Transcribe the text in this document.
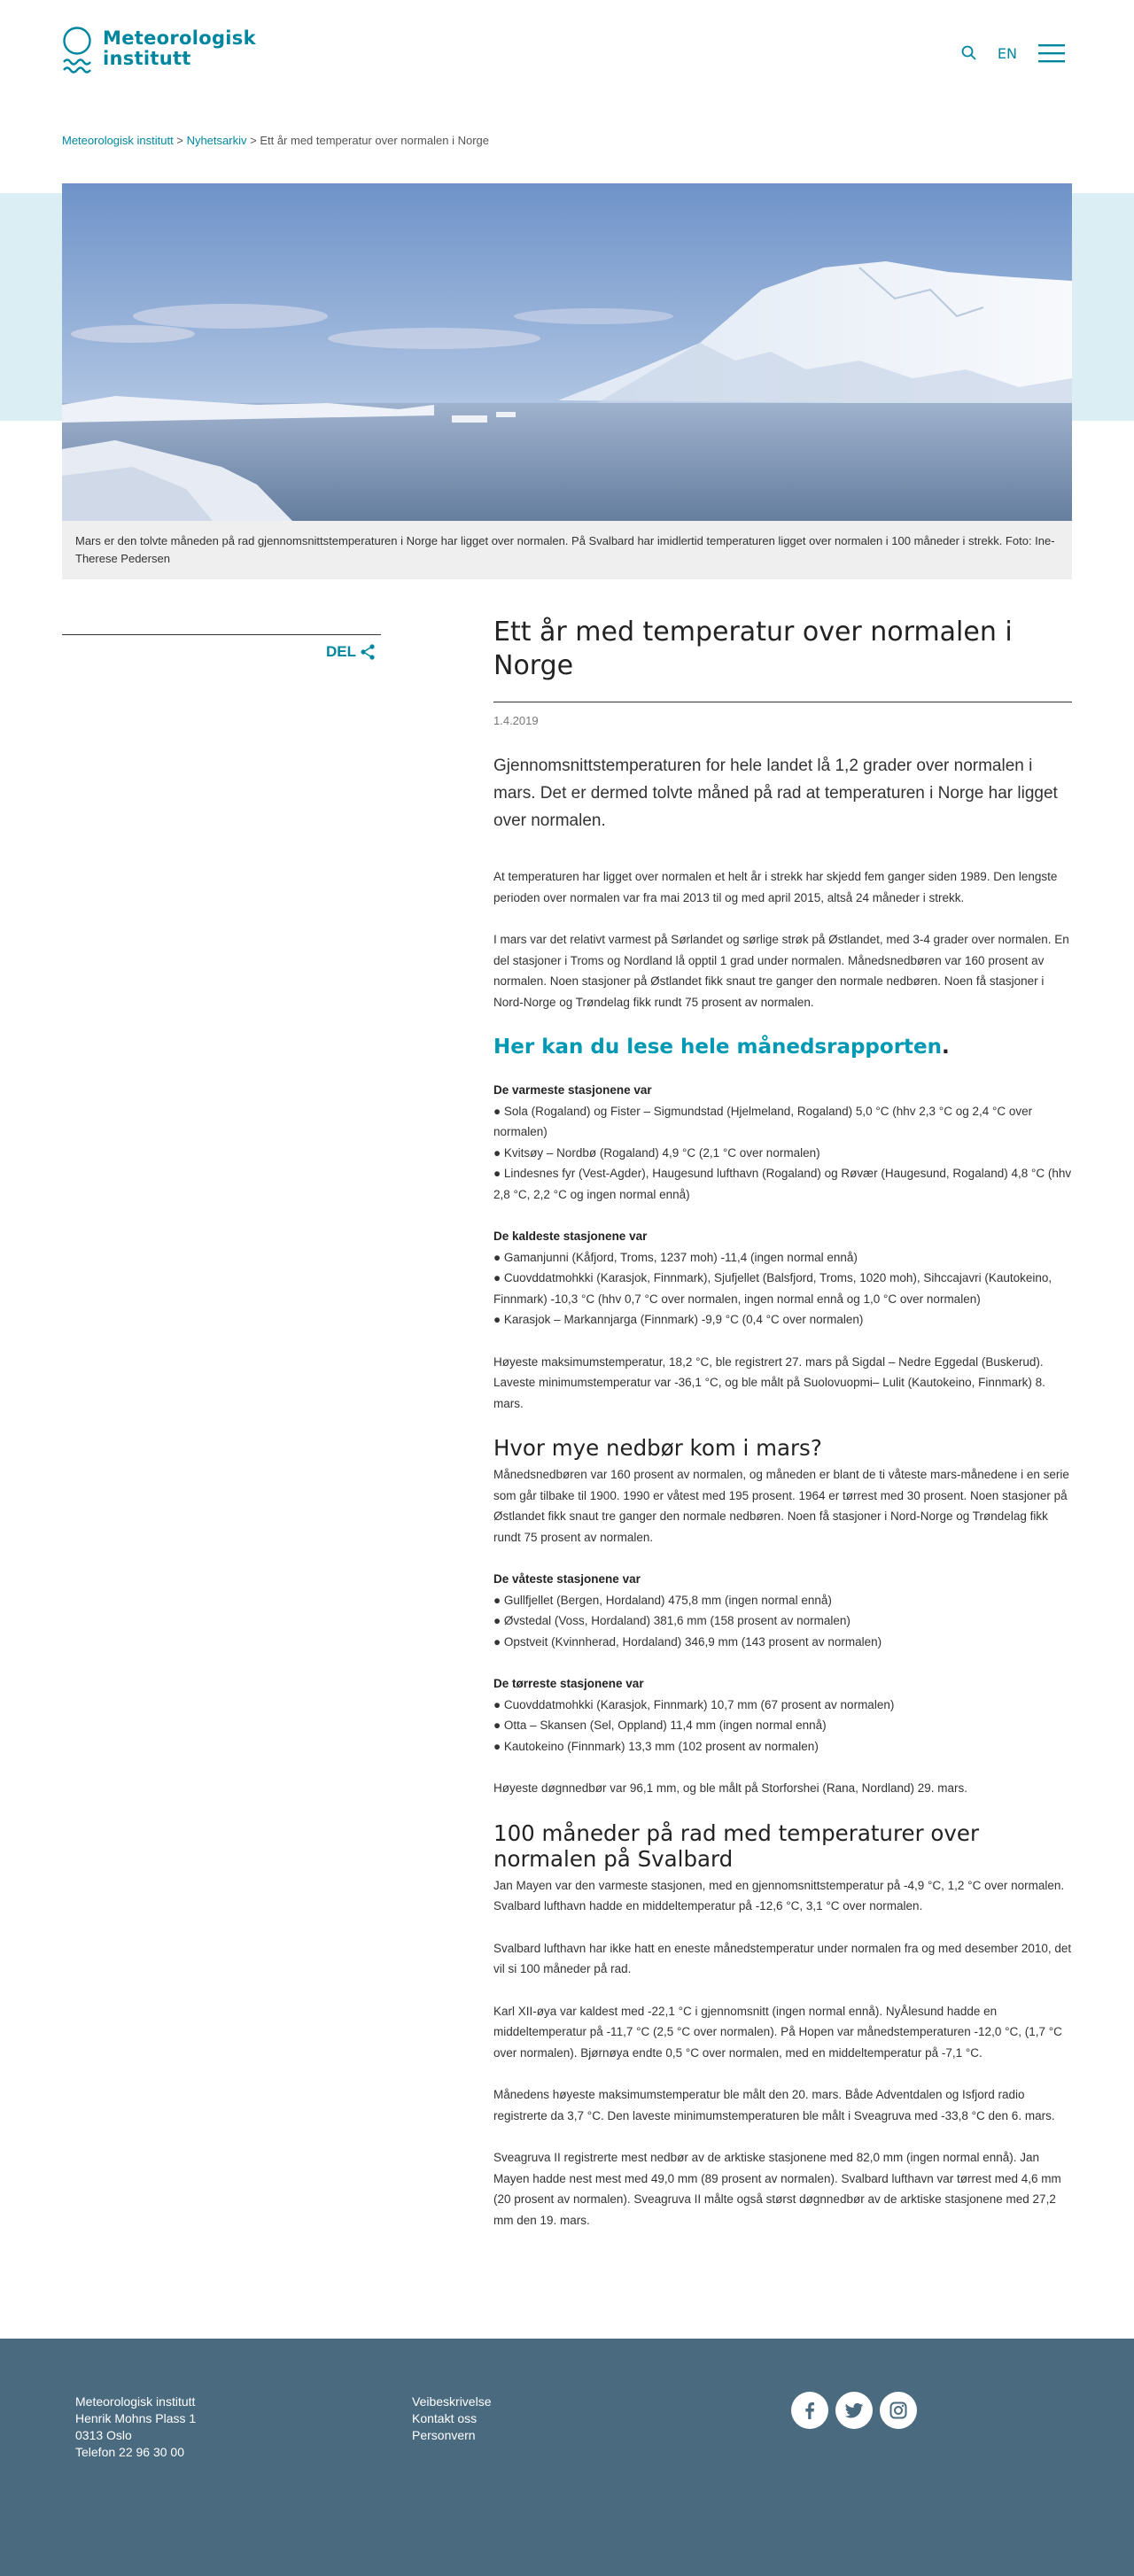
Meteorologisk
institutt	EN
Meteorologisk institutt > Nyhetsarkiv > Ett år med temperatur over normalen i Norge
Mars er den tolvte måneden på rad gjennomsnittstemperaturen i Norge har ligget over normalen. På Svalbard har imidlertid temperaturen ligget over normalen i 100 måneder i strekk. Foto: Ine-Therese Pedersen
DEL
Ett år med temperatur over normalen i Norge
1.4.2019
Gjennomsnittstemperaturen for hele landet lå 1,2 grader over normalen i mars. Det er dermed tolvte måned på rad at temperaturen i Norge har ligget over normalen.

At temperaturen har ligget over normalen et helt år i strekk har skjedd fem ganger siden 1989. Den lengste perioden over normalen var fra mai 2013 til og med april 2015, altså 24 måneder i strekk.

I mars var det relativt varmest på Sørlandet og sørlige strøk på Østlandet, med 3-4 grader over normalen. En del stasjoner i Troms og Nordland lå opptil 1 grad under normalen. Månedsnedbøren var 160 prosent av normalen. Noen stasjoner på Østlandet fikk snaut tre ganger den normale nedbøren. Noen få stasjoner i Nord-Norge og Trøndelag fikk rundt 75 prosent av normalen.

Her kan du lese hele månedsrapporten.
De varmeste stasjonene var
● Sola (Rogaland) og Fister – Sigmundstad (Hjelmeland, Rogaland) 5,0 °C (hhv 2,3 °C og 2,4 °C over normalen)
● Kvitsøy – Nordbø (Rogaland) 4,9 °C (2,1 °C over normalen)
● Lindesnes fyr (Vest-Agder), Haugesund lufthavn (Rogaland) og Røvær (Haugesund, Rogaland) 4,8 °C (hhv 2,8 °C, 2,2 °C og ingen normal ennå)
De kaldeste stasjonene var
● Gamanjunni (Kåfjord, Troms, 1237 moh) -11,4 (ingen normal ennå)
● Cuovddatmohkki (Karasjok, Finnmark), Sjufjellet (Balsfjord, Troms, 1020 moh), Sihccajavri (Kautokeino, Finnmark) -10,3 °C (hhv 0,7 °C over normalen, ingen normal ennå og 1,0 °C over normalen)
● Karasjok – Markannjarga (Finnmark) -9,9 °C (0,4 °C over normalen)

Høyeste maksimumstemperatur, 18,2 °C, ble registrert 27. mars på Sigdal – Nedre Eggedal (Buskerud). Laveste minimumstemperatur var -36,1 °C, og ble målt på Suolovuopmi– Lulit (Kautokeino, Finnmark) 8. mars.

Hvor mye nedbør kom i mars?

Månedsnedbøren var 160 prosent av normalen, og måneden er blant de ti våteste mars-månedene i en serie som går tilbake til 1900. 1990 er våtest med 195 prosent. 1964 er tørrest med 30 prosent. Noen stasjoner på Østlandet fikk snaut tre ganger den normale nedbøren. Noen få stasjoner i Nord-Norge og Trøndelag fikk rundt 75 prosent av normalen.

De våteste stasjonene var
● Gullfjellet (Bergen, Hordaland) 475,8 mm (ingen normal ennå)
● Øvstedal (Voss, Hordaland) 381,6 mm (158 prosent av normalen)
● Opstveit (Kvinnherad, Hordaland) 346,9 mm (143 prosent av normalen)
De tørreste stasjonene var
● Cuovddatmohkki (Karasjok, Finnmark) 10,7 mm (67 prosent av normalen)
● Otta – Skansen (Sel, Oppland) 11,4 mm (ingen normal ennå)
● Kautokeino (Finnmark) 13,3 mm (102 prosent av normalen)

Høyeste døgnnedbør var 96,1 mm, og ble målt på Storforshei (Rana, Nordland) 29. mars.

100 måneder på rad med temperaturer over normalen på Svalbard

Jan Mayen var den varmeste stasjonen, med en gjennomsnittstemperatur på -4,9 °C, 1,2 °C over normalen. Svalbard lufthavn hadde en middeltemperatur på -12,6 °C, 3,1 °C over normalen.

Svalbard lufthavn har ikke hatt en eneste månedstemperatur under normalen fra og med desember 2010, det vil si 100 måneder på rad.

Karl XII-øya var kaldest med -22,1 °C i gjennomsnitt (ingen normal ennå). NyÅlesund hadde en middeltemperatur på -11,7 °C (2,5 °C over normalen). På Hopen var månedstemperaturen -12,0 °C, (1,7 °C over normalen). Bjørnøya endte 0,5 °C over normalen, med en middeltemperatur på -7,1 °C.

Månedens høyeste maksimumstemperatur ble målt den 20. mars. Både Adventdalen og Isfjord radio registrerte da 3,7 °C. Den laveste minimumstemperaturen ble målt i Sveagruva med -33,8 °C den 6. mars.

Sveagruva II registrerte mest nedbør av de arktiske stasjonene med 82,0 mm (ingen normal ennå). Jan Mayen hadde nest mest med 49,0 mm (89 prosent av normalen). Svalbard lufthavn var tørrest med 4,6 mm (20 prosent av normalen). Sveagruva II målte også størst døgnnedbør av de arktiske stasjonene med 27,2 mm den 19. mars.

Meteorologisk institutt
Henrik Mohns Plass 1
0313 Oslo
Telefon 22 96 30 00
Veibeskrivelse
Kontakt oss
Personvern
